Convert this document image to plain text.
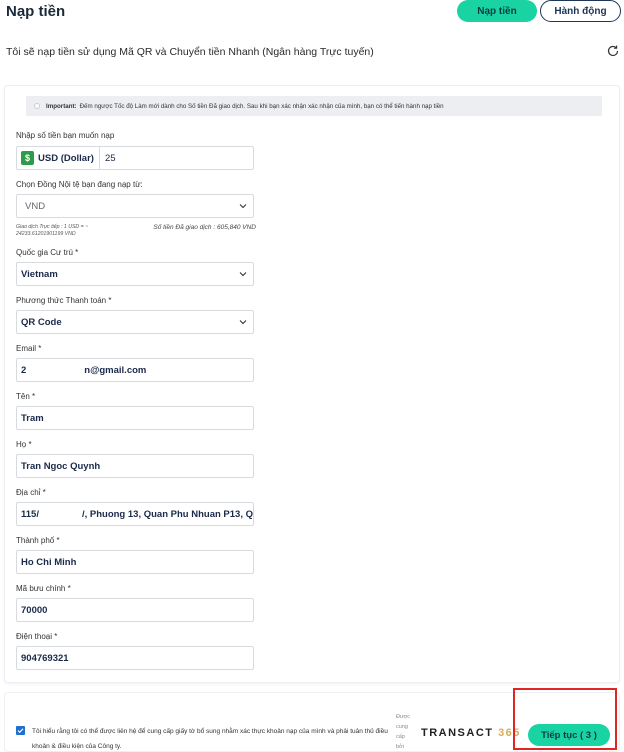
Nạp tiền	Nạp tiền	Hành động
Tôi sẽ nạp tiền sử dụng Mã QR và Chuyển tiền Nhanh (Ngân hàng Trực tuyến)
Important: Đếm ngược Tốc độ Làm mới dành cho Số tiền Đã giao dịch. Sau khi bạn xác nhận xác nhận của mình, bạn có thể tiến hành nạp tiền
Nhập số tiền bạn muốn nạp
$ USD (Dollar) 25
Chọn Đồng Nội tệ bạn đang nạp từ:
VND
Giao dịch Trực tiếp : 1 USD = ~ 24233.61201901199 VND
Số tiền Đã giao dịch : 605,840 VND
Quốc gia Cư trú *
Vietnam
Phương thức Thanh toán *
QR Code
Email *
2	n@gmail.com
Tên *
Tram
Họ *
Tran Ngoc Quynh
Địa chỉ *
115/	/, Phuong 13, Quan Phu Nhuan P13, Q
Thành phố *
Ho Chi Minh
Mã bưu chính *
70000
Điện thoại *
904769321
Tôi hiểu rằng tôi có thể được liên hệ để cung cấp giấy tờ bổ sung nhằm xác thực khoản nạp của mình và phải tuân thủ điều khoản & điều kiện của Công ty.
Được cung cấp bởi
TRANSACT 365	Tiếp tục ( 3 )
